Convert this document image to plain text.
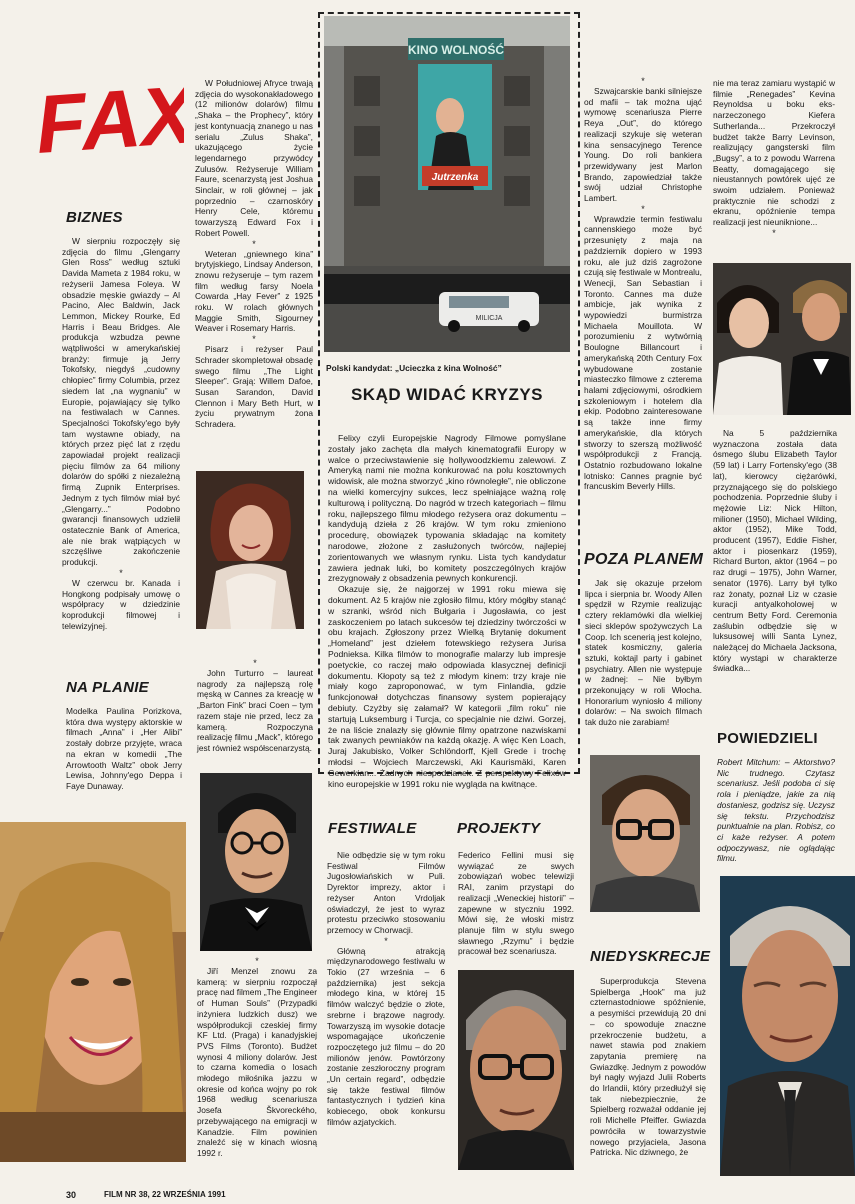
FAX
BIZNES

W sierpniu rozpoczęły się zdjęcia do filmu „Glengarry Glen Ross” według sztuki Davida Mameta z 1984 roku, w reżyserii Jamesa Foleya. W obsadzie męskie gwiazdy – Al Pacino, Alec Baldwin, Jack Lemmon, Mickey Rourke, Ed Harris i Beau Bridges. Ale produkcja wzbudza pewne wątpliwości w amerykańskiej branży: firmuje ją Jerry Tokofsky, niegdyś „cudowny chłopiec” firmy Columbia, przez siedem lat „na wygnaniu” w Europie, pojawiający się tylko na festiwalach w Cannes. Specjalności Tokofsky'ego były tam wystawne obiady, na których przez pięć lat z rzędu zapowiadał projekt realizacji pięciu filmów za 64 miliony dolarów do spółki z niezależną firmą Zupnik Enterprises. Jednym z tych filmów miał być „Glengarry...” Podobno gwarancji finansowych udzielił ostatecznie Bank of America, ale nie brak wątpiących w szczęśliwe zakończenie produkcji.

*

W czerwcu br. Kanada i Hongkong podpisały umowę o współpracy w dziedzinie koprodukcji filmowej i telewizyjnej.

NA PLANIE

Modelka Paulina Porizkova, która dwa występy aktorskie w filmach „Anna” i „Her Alibi” zostały dobrze przyjęte, wraca na ekran w komedii „The Arrowtooth Waltz” obok Jerry Lewisa, Johnny'ego Deppa i Faye Dunaway.

W Południowej Afryce trwają zdjęcia do wysokonakładowego (12 milionów dolarów) filmu „Shaka – the Prophecy”, który jest kontynuacją znanego u nas serialu „Zulus Shaka”, ukazującego życie legendarnego przywódcy Zulusów. Reżyseruje William Faure, scenarzystą jest Joshua Sinclair, w roli głównej – jak poprzednio – czarnoskóry Henry Cele, któremu towarzyszą Edward Fox i Robert Powell.

*

Weteran „gniewnego kina” brytyjskiego, Lindsay Anderson, znowu reżyseruje – tym razem film według farsy Noela Cowarda „Hay Fever” z 1925 roku. W rolach głównych Maggie Smith, Sigourney Weaver i Rosemary Harris.

*

Pisarz i reżyser Paul Schrader skompletował obsadę swego filmu „The Light Sleeper”. Grają: Willem Dafoe, Susan Sarandon, David Clennon i Mary Beth Hurt, w życiu prywatnym żona Schradera.

*

John Turturro – laureat nagrody za najlepszą rolę męską w Cannes za kreację w „Barton Fink” braci Coen – tym razem staje nie przed, lecz za kamerą. Rozpoczyna realizację filmu „Mack”, którego jest również współscenarzystą.

*

Jiří Menzel znowu za kamerą: w sierpniu rozpoczął pracę nad filmem „The Engineer of Human Souls” (Przypadki inżyniera ludzkich dusz) we współprodukcji czeskiej firmy KF Ltd. (Praga) i kanadyjskiej PVS Films (Toronto). Budżet wynosi 4 miliony dolarów. Jest to czarna komedia o losach młodego miłośnika jazzu w okresie od końca wojny po rok 1968 według scenariusza Josefa Škvoreckého, przebywającego na emigracji w Kanadzie. Film powinien znaleźć się w kinach wiosną 1992 r.

KINO WOLNOŚĆ
Jutrzenka
MILICJA
Polski kandydat: „Ucieczka z kina Wolność”
SKĄD WIDAĆ KRYZYS

Felixy czyli Europejskie Nagrody Filmowe pomyślane zostały jako zachęta dla małych kinematografii Europy w walce o przeciwstawienie się hollywoodzkiemu zalewowi. Z Ameryką nami nie można konkurować na polu kosztownych widowisk, ale można stworzyć „kino równoległe”, nie obliczone na wielki komercyjny sukces, lecz spełniające ważną rolę kulturową i polityczną. Do nagród w trzech kategoriach – filmu roku, najlepszego filmu młodego reżysera oraz dokumentu – kandydują dzieła z 26 krajów. W tym roku zmieniono procedurę, obowiązek typowania składając na komitety narodowe, złożone z zasłużonych twórców, najlepiej zorientowanych we własnym rynku. Lista tych kandydatur zawiera jednak luki, bo komitety poszczególnych krajów zrezygnowały z obsadzenia pewnych konkurencji.

Okazuje się, że najgorzej w 1991 roku miewa się dokument. Aż 5 krajów nie zgłosiło filmu, który mógłby stanąć w szranki, wśród nich Bułgaria i Jugosławia, co jest zaskoczeniem po latach sukcesów tej dziedziny twórczości w obu krajach. Zgłoszony przez Wielką Brytanię dokument „Homeland” jest dziełem fotewskiego reżysera Jurisa Podnieksa. Kilka filmów to monografie malarzy lub impresje poetyckie, co raczej mało odpowiada klasycznej definicji dokumentu. Kłopoty są też z młodym kinem: trzy kraje nie miały kogo zaproponować, w tym Finlandia, gdzie funkcjonował dotychczas finansowy system popierający debiuty. Czyżby się załamał? W kategorii „film roku” nie startują Luksemburg i Turcja, co specjalnie nie dziwi. Gorzej, że na liście znalazły się głównie filmy opatrzone nazwiskami tak zwanych pewniaków na każdą okazję. A więc Ken Loach, Juraj Jakubisko, Volker Schlöndorff, Kjell Grede i trochę młodsi – Wojciech Marczewski, Aki Kaurismäki, Karen Gewerkian... Żadnych niespodzianek. Z perspektywy Felixów kino europejskie w 1991 roku nie wygląda na kwitnące.

FESTIWALE

Nie odbędzie się w tym roku Festiwal Filmów Jugosłowiańskich w Puli. Dyrektor imprezy, aktor i reżyser Anton Vrdoljak oświadczył, że jest to wyraz protestu przeciwko stosowaniu przemocy w Chorwacji.

*

Główną atrakcją międzynarodowego festiwalu w Tokio (27 września – 6 października) jest sekcja młodego kina, w której 15 filmów walczyć będzie o złote, srebrne i brązowe nagrody. Towarzyszą im wysokie dotacje wspomagające ukończenie rozpoczętego już filmu – do 20 milionów jenów. Powtórzony zostanie zeszłoroczny program „Un certain regard”, odbędzie się także festiwal filmów fantastycznych i tydzień kina kobiecego, obok konkursu filmów azjatyckich.

PROJEKTY

Federico Fellini musi się wywiązać ze swych zobowiązań wobec telewizji RAI, zanim przystąpi do realizacji „Weneckiej historii” – zapewne w styczniu 1992. Mówi się, że włoski mistrz planuje film w stylu swego sławnego „Rzymu” i będzie pracował bez scenariusza.

*

Szwajcarskie banki silniejsze od mafii – tak można ująć wymowę scenariusza Pierre Reya „Out”, do którego realizacji szykuje się weteran kina sensacyjnego Terence Young. Do roli bankiera przewidywany jest Marlon Brando, zapowiedział także swój udział Christophe Lambert.

*

Wprawdzie termin festiwalu cannenskiego może być przesunięty z maja na październik dopiero w 1993 roku, ale już dziś zagrożone czują się festiwale w Montrealu, Wenecji, San Sebastian i Toronto. Cannes ma duże ambicje, jak wynika z wypowiedzi burmistrza Michaela Mouillota. W porozumieniu z wytwórnią Boulogne Billancourt i amerykańską 20th Century Fox wybudowane zostanie miasteczko filmowe z czterema halami zdjęciowymi, ośrodkiem szkoleniowym i hotelem dla ekip. Podobno zainteresowane są także inne firmy amerykańskie, dla których stworzy to szerszą możliwość współprodukcji z Francją. Ostatnio rozbudowano lokalne lotnisko: Cannes pragnie być francuskim Beverly Hills.

POZA PLANEM

Jak się okazuje przełom lipca i sierpnia br. Woody Allen spędził w Rzymie realizując cztery reklamówki dla wielkiej sieci sklepów spożywczych La Coop. Ich scenerią jest kolejno, statek kosmiczny, galeria sztuki, koktajl party i gabinet psychiatry. Allen nie występuje w żadnej: – Nie byłbym przekonujący w roli Włocha. Honorarium wyniosło 4 miliony dolarów: – Na swoich filmach tak dużo nie zarabiam!

NIEDYSKRECJE

Superprodukcja Stevena Spielberga „Hook” ma już czternastodniowe spóźnienie, a pesymiści przewidują 20 dni – co spowoduje znaczne przekroczenie budżetu, a nawet stawia pod znakiem zapytania premierę na Gwiazdkę. Jednym z powodów był nagły wyjazd Julii Roberts do Irlandii, który przedłużył się tak niebezpiecznie, że Spielberg rozważał oddanie jej roli Michelle Pfeiffer. Gwiazda powróciła w towarzystwie nowego przyjaciela, Jasona Patricka. Nic dziwnego, że

nie ma teraz zamiaru wystąpić w filmie „Renegades” Kevina Reynoldsa u boku eks-narzeczonego Kiefera Sutherlanda... Przekroczył budżet także Barry Levinson, realizujący gangsterski film „Bugsy”, a to z powodu Warrena Beatty, domagającego się nieustannych powtórek ujęć ze swoim udziałem. Ponieważ praktycznie nie schodzi z ekranu, opóźnienie tempa realizacji jest nieuniknione...

*

Na 5 października wyznaczona została data ósmego ślubu Elizabeth Taylor (59 lat) i Larry Fortensky'ego (38 lat), kierowcy ciężarówki, przyznającego się do polskiego pochodzenia. Poprzednie śluby i mężowie Liz: Nick Hilton, milioner (1950), Michael Wilding, aktor (1952), Mike Todd, producent (1957), Eddie Fisher, aktor i piosenkarz (1959), Richard Burton, aktor (1964 – po raz drugi – 1975), John Warner, senator (1976). Larry był tylko raz żonaty, poznał Liz w czasie kuracji antyalkoholowej w centrum Betty Ford. Ceremonia zaślubin odbędzie się w luksusowej willi Santa Lynez, należącej do Michaela Jacksona, który wystąpi w charakterze świadka...

POWIEDZIELI

Robert Mitchum: – Aktorstwo? Nic trudnego. Czytasz scenariusz. Jeśli podoba ci się rola i pieniądze, jakie za nią dostaniesz, godzisz się. Uczysz się tekstu. Przychodzisz punktualnie na plan. Robisz, co ci każe reżyser. A potem odpoczywasz, nie oglądając filmu.

30	FILM NR 38, 22 WRZEŚNIA 1991
